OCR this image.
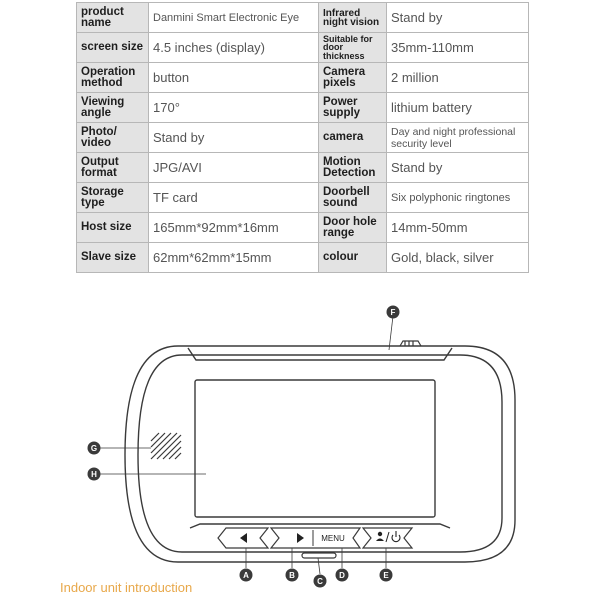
product name	Danmini Smart Electronic Eye	Infrared night vision	Stand by
screen size	4.5 inches (display)	Suitable for door thickness	35mm-110mm
Operation method	button	Camera pixels	2 million
Viewing angle	170°	Power supply	lithium battery
Photo/ video	Stand by	camera	Day and night professional security level
Output format	JPG/AVI	Motion Detection	Stand by
Storage type	TF card	Doorbell sound	Six polyphonic ringtones
Host size	165mm*92mm*16mm	Door hole range	14mm-50mm
Slave size	62mm*62mm*15mm	colour	Gold, black, silver
MENU
G
H
F
A	B
C
D	E
Indoor unit introduction
